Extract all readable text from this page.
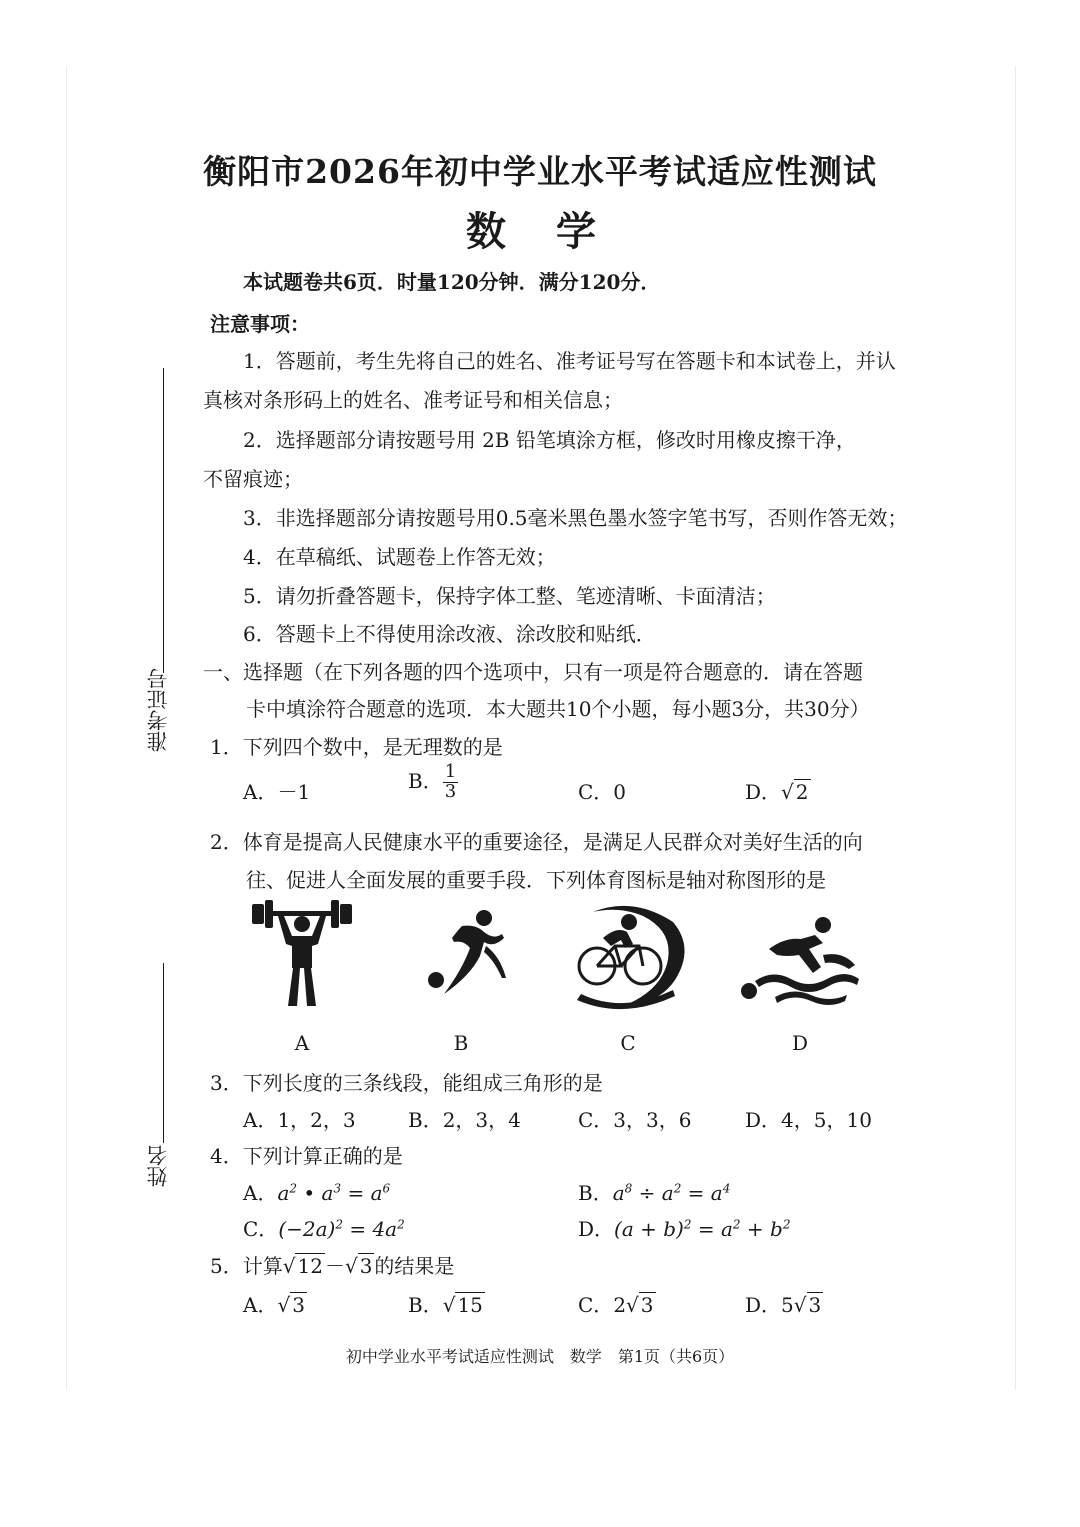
准考证号
姓名
衡阳市2026年初中学业水平考试适应性测试
数 学
本试题卷共6页．时量120分钟．满分120分．
注意事项：
1．答题前，考生先将自己的姓名、准考证号写在答题卡和本试卷上，并认
真核对条形码上的姓名、准考证号和相关信息；
2．选择题部分请按题号用 2B 铅笔填涂方框，修改时用橡皮擦干净，
不留痕迹；
3．非选择题部分请按题号用0.5毫米黑色墨水签字笔书写，否则作答无效；
4．在草稿纸、试题卷上作答无效；
5．请勿折叠答题卡，保持字体工整、笔迹清晰、卡面清洁；
6．答题卡上不得使用涂改液、涂改胶和贴纸．
一、选择题（在下列各题的四个选项中，只有一项是符合题意的．请在答题
卡中填涂符合题意的选项．本大题共10个小题，每小题3分，共30分）
1．下列四个数中，是无理数的是
A．－1	B． $\frac{1}{3}$	C．0	D．√ 2
2．体育是提高人民健康水平的重要途径，是满足人民群众对美好生活的向
往、促进人全面发展的重要手段．下列体育图标是轴对称图形的是
A	B	C	D
3．下列长度的三条线段，能组成三角形的是
A．1，2，3	B．2，3，4	C．3，3，6	D．4，5，10
4．下列计算正确的是
A．$a^2$ • $a^3 = a^6$	B．$a^8 \div a^2 = a^4$
C．$(-2a)^2 = 4a^2$	D．$(a + b)^2 = a^2 + b^2$
5．计算√ 12 －√ 3 的结果是
A．√ 3	B．√ 15	C．2√ 3	D．5√ 3
初中学业水平考试适应性测试　数学　第1页（共6页）
